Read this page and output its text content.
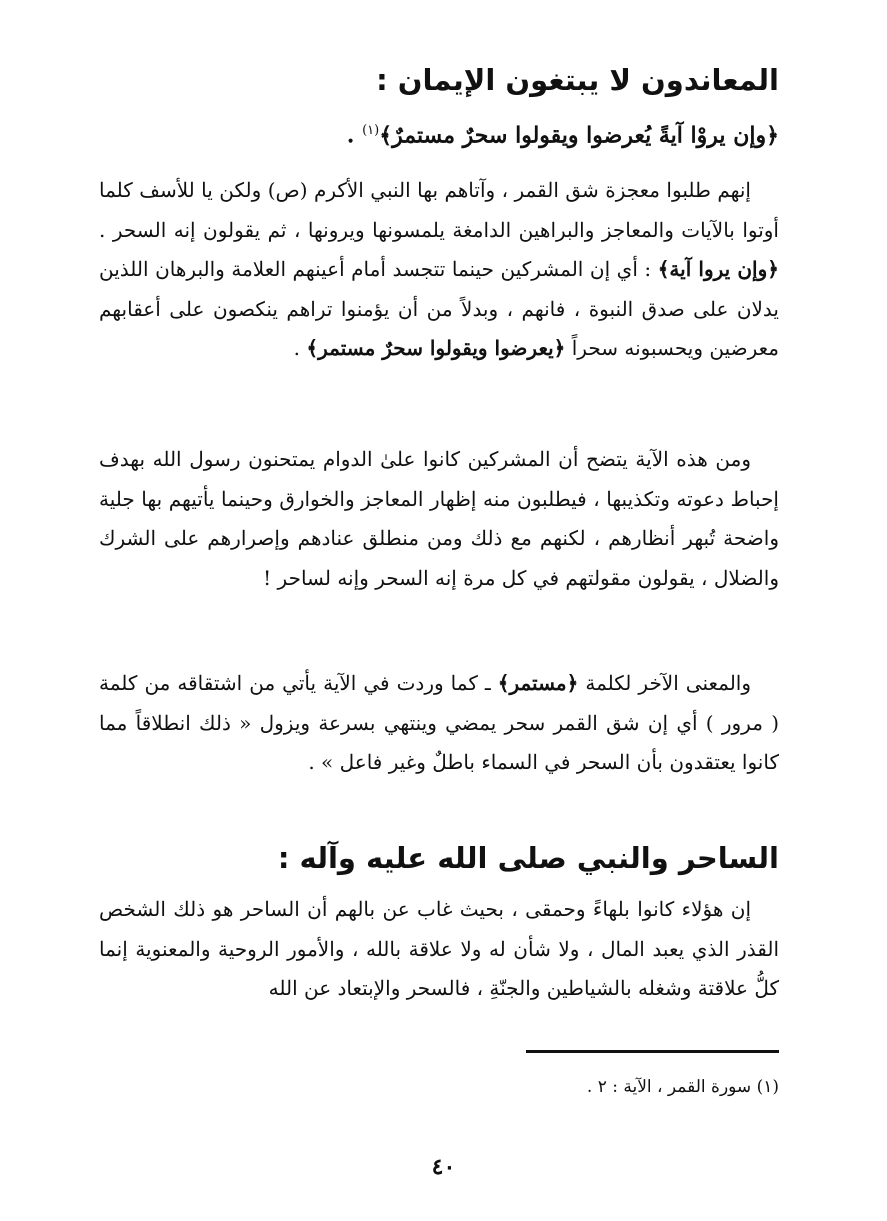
المعاندون لا يبتغون الإيمان :

﴿وإن يروْا آيةً يُعرضوا ويقولوا سحرٌ مستمرٌ﴾$^{(١)}$ .

إنهم طلبوا معجزة شق القمر ، وآتاهم بها النبي الأكرم (ص) ولكن يا للأسف كلما أوتوا بالآيات والمعاجز والبراهين الدامغة يلمسونها ويرونها ، ثم يقولون إنه السحر . ﴿وإن يروا آية﴾ : أي إن المشركين حينما تتجسد أمام أعينهم العلامة والبرهان اللذين يدلان على صدق النبوة ، فانهم ، وبدلاً من أن يؤمنوا تراهم ينكصون على أعقابهم معرضين ويحسبونه سحراً ﴿يعرضوا ويقولوا سحرٌ مستمر﴾ .

ومن هذه الآية يتضح أن المشركين كانوا علىٰ الدوام يمتحنون رسول الله بهدف إحباط دعوته وتكذيبها ، فيطلبون منه إظهار المعاجز والخوارق وحينما يأتيهم بها جلية واضحة تُبهر أنظارهم ، لكنهم مع ذلك ومن منطلق عنادهم وإصرارهم على الشرك والضلال ، يقولون مقولتهم في كل مرة إنه السحر وإنه لساحر !

والمعنى الآخر لكلمة ﴿مستمر﴾ ـ كما وردت في الآية يأتي من اشتقاقه من كلمة ( مرور ) أي إن شق القمر سحر يمضي وينتهي بسرعة ويزول « ذلك انطلاقاً مما كانوا يعتقدون بأن السحر في السماء باطلٌ وغير فاعل » .

الساحر والنبي صلى الله عليه وآله :

إن هؤلاء كانوا بلهاءً وحمقى ، بحيث غاب عن بالهم أن الساحر هو ذلك الشخص القذر الذي يعبد المال ، ولا شأن له ولا علاقة بالله ، والأمور الروحية والمعنوية إنما كلُّ علاقتة وشغله بالشياطين والجنّةِ ، فالسحر والإبتعاد عن الله

(١) سورة القمر ، الآية : ٢ .

٤٠
